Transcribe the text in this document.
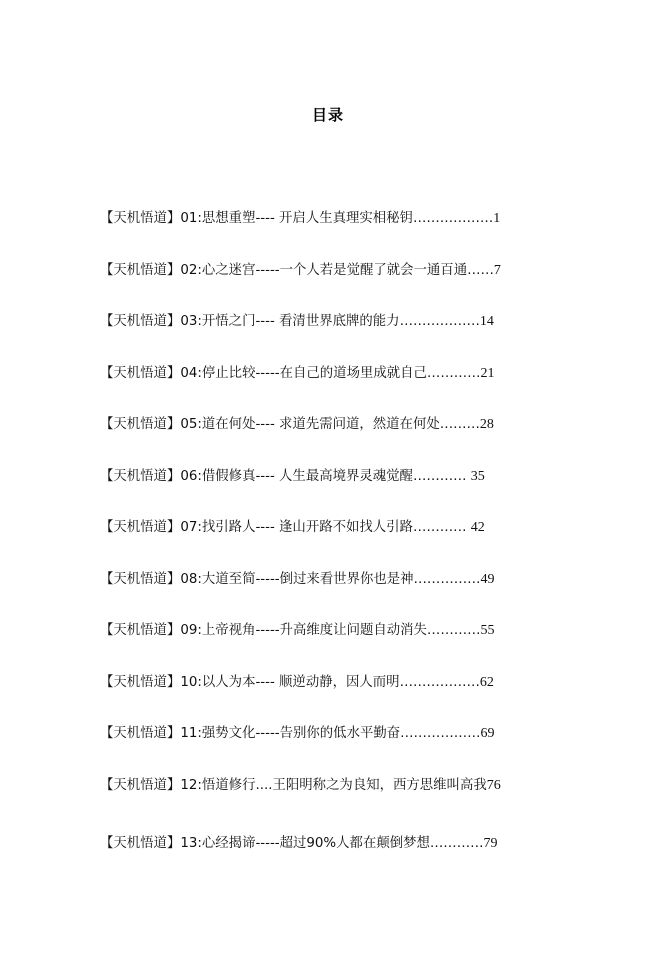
目录
【天机悟道】01:思想重塑---- 开启人生真理实相秘钥………………1
【天机悟道】02:心之迷宫-----一个人若是觉醒了就会一通百通……7
【天机悟道】03:开悟之门---- 看清世界底牌的能力………………14
【天机悟道】04:停止比较-----在自己的道场里成就自己…………21
【天机悟道】05:道在何处---- 求道先需问道，然道在何处………28
【天机悟道】06:借假修真---- 人生最高境界灵魂觉醒………… 35
【天机悟道】07:找引路人---- 逢山开路不如找人引路………… 42
【天机悟道】08:大道至简-----倒过来看世界你也是神……………49
【天机悟道】09:上帝视角-----升高维度让问题自动消失…………55
【天机悟道】10:以人为本---- 顺逆动静，因人而明………………62
【天机悟道】11:强势文化-----告别你的低水平勤奋………………69
【天机悟道】12:悟道修行....王阳明称之为良知，西方思维叫高我76
【天机悟道】13:心经揭谛-----超过90%人都在颠倒梦想…………79
